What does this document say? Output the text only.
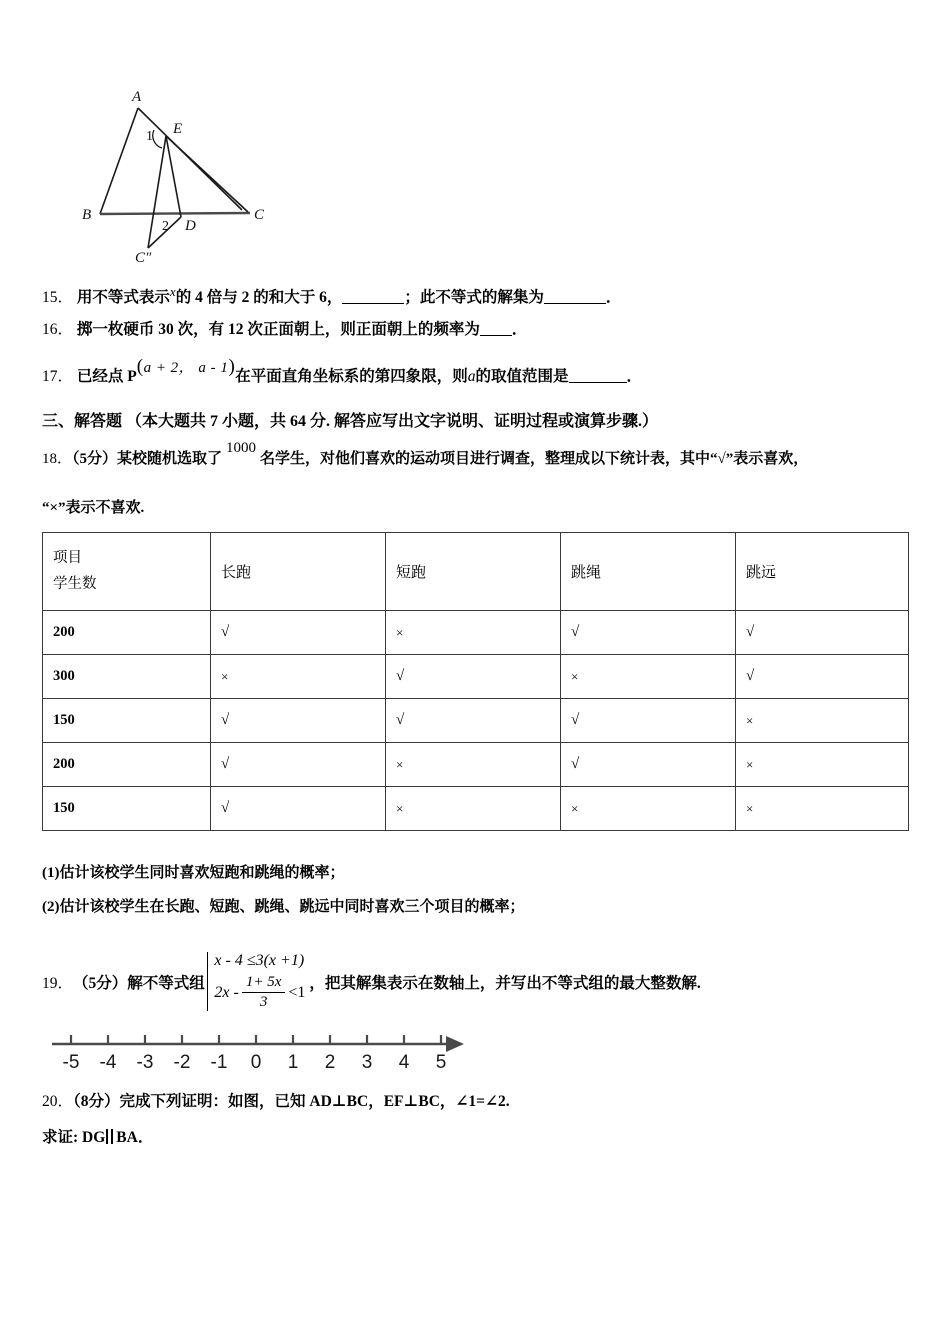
A
E
B	C
D
C″
1
2
15． 用不等式表示$^x$的 4 倍与 2 的和大于 6，	；此不等式的解集为	．
16． 掷一枚硬币 30 次，有 12 次正面朝上，则正面朝上的频率为 ．
17． 已经点 P(a + 2， a - 1)在平面直角坐标系的第四象限，则a的取值范围是	．
三、解答题 （本大题共 7 小题，共 64 分. 解答应写出文字说明、证明过程或演算步骤.）
18．（5分）某校随机选取了1000名学生，对他们喜欢的运动项目进行调查，整理成以下统计表，其中“√”表示喜欢，
“×”表示不喜欢.
项目
学生数	长跑	短跑	跳绳	跳远
200	√	×	√	√
300	×	√	×	√
150	√	√	√	×
200	√	×	√	×
150	√	×	×	×
(1)估计该校学生同时喜欢短跑和跳绳的概率；
(2)估计该校学生在长跑、短跑、跳绳、跳远中同时喜欢三个项目的概率；
19． （5分） 解不等式组
x - 4 ≤3(x +1)
$2x - \frac{1+ 5x}{3} <1$
，把其解集表示在数轴上，并写出不等式组的最大整数解.
-5 -4 -3 -2 -1 0 1 2 3 4 5
20．（8分）完成下列证明：如图，已知 AD⊥BC，EF⊥BC，∠1=∠2.
求证: DG BA．
